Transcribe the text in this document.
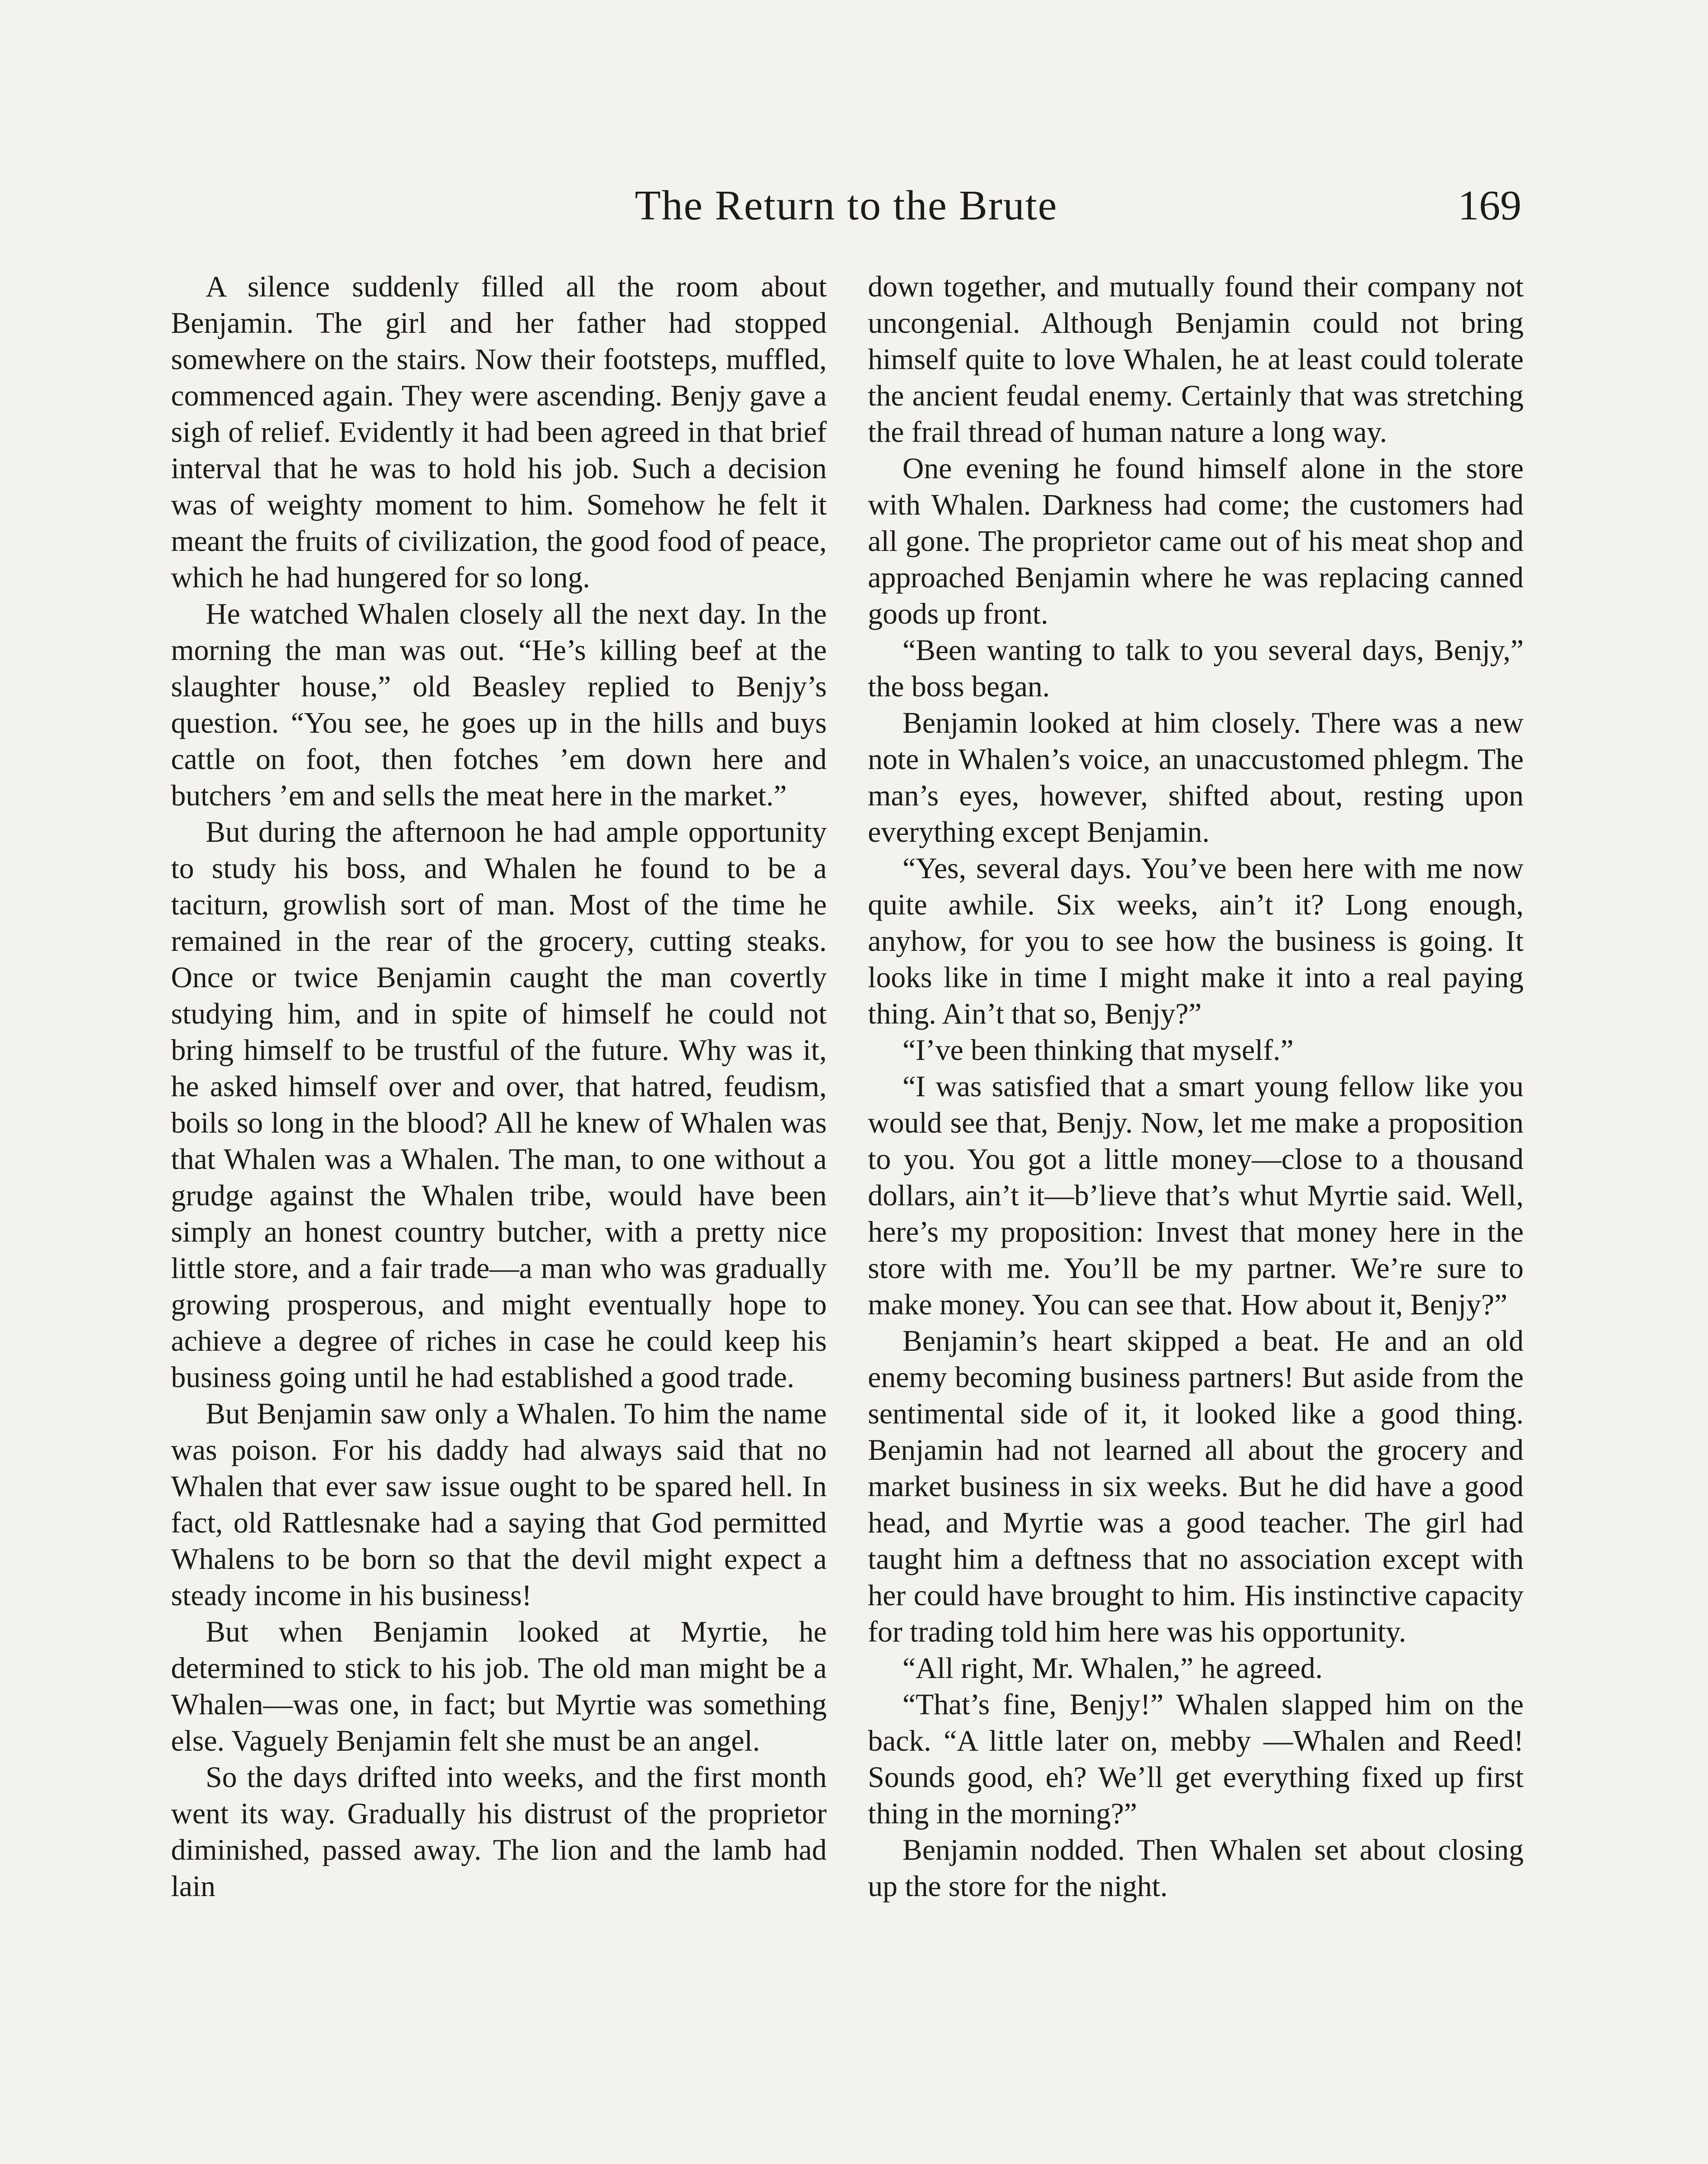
The Return to the Brute	169

A silence suddenly filled all the room about Benjamin. The girl and her father had stopped somewhere on the stairs. Now their footsteps, muffled, commenced again. They were ascending. Benjy gave a sigh of relief. Evidently it had been agreed in that brief interval that he was to hold his job. Such a decision was of weighty moment to him. Somehow he felt it meant the fruits of civilization, the good food of peace, which he had hungered for so long.

He watched Whalen closely all the next day. In the morning the man was out. “He’s killing beef at the slaughter house,” old Beasley replied to Benjy’s question. “You see, he goes up in the hills and buys cattle on foot, then fotches ’em down here and butchers ’em and sells the meat here in the market.”

But during the afternoon he had ample opportunity to study his boss, and Whalen he found to be a taciturn, growlish sort of man. Most of the time he remained in the rear of the grocery, cutting steaks. Once or twice Benjamin caught the man covertly studying him, and in spite of himself he could not bring himself to be trustful of the future. Why was it, he asked himself over and over, that hatred, feudism, boils so long in the blood? All he knew of Whalen was that Whalen was a Whalen. The man, to one without a grudge against the Whalen tribe, would have been simply an honest country butcher, with a pretty nice little store, and a fair trade—a man who was gradually growing prosperous, and might eventually hope to achieve a degree of riches in case he could keep his business going until he had established a good trade.

But Benjamin saw only a Whalen. To him the name was poison. For his daddy had always said that no Whalen that ever saw issue ought to be spared hell. In fact, old Rattlesnake had a saying that God permitted Whalens to be born so that the devil might expect a steady income in his business!

But when Benjamin looked at Myrtie, he determined to stick to his job. The old man might be a Whalen—was one, in fact; but Myrtie was something else. Vaguely Benjamin felt she must be an angel.

So the days drifted into weeks, and the first month went its way. Gradually his distrust of the proprietor diminished, passed away. The lion and the lamb had lain

down together, and mutually found their company not uncongenial. Although Benjamin could not bring himself quite to love Whalen, he at least could tolerate the ancient feudal enemy. Certainly that was stretching the frail thread of human nature a long way.

One evening he found himself alone in the store with Whalen. Darkness had come; the customers had all gone. The proprietor came out of his meat shop and approached Benjamin where he was replacing canned goods up front.

“Been wanting to talk to you several days, Benjy,” the boss began.

Benjamin looked at him closely. There was a new note in Whalen’s voice, an unaccustomed phlegm. The man’s eyes, however, shifted about, resting upon everything except Benjamin.

“Yes, several days. You’ve been here with me now quite awhile. Six weeks, ain’t it? Long enough, anyhow, for you to see how the business is going. It looks like in time I might make it into a real paying thing. Ain’t that so, Benjy?”

“I’ve been thinking that myself.”

“I was satisfied that a smart young fellow like you would see that, Benjy. Now, let me make a proposition to you. You got a little money—close to a thousand dollars, ain’t it—b’lieve that’s whut Myrtie said. Well, here’s my proposition: Invest that money here in the store with me. You’ll be my partner. We’re sure to make money. You can see that. How about it, Benjy?”

Benjamin’s heart skipped a beat. He and an old enemy becoming business partners! But aside from the sentimental side of it, it looked like a good thing. Benjamin had not learned all about the grocery and market business in six weeks. But he did have a good head, and Myrtie was a good teacher. The girl had taught him a deftness that no association except with her could have brought to him. His instinctive capacity for trading told him here was his opportunity.

“All right, Mr. Whalen,” he agreed.

“That’s fine, Benjy!” Whalen slapped him on the back. “A little later on, mebby —Whalen and Reed! Sounds good, eh? We’ll get everything fixed up first thing in the morning?”

Benjamin nodded. Then Whalen set about closing up the store for the night.
